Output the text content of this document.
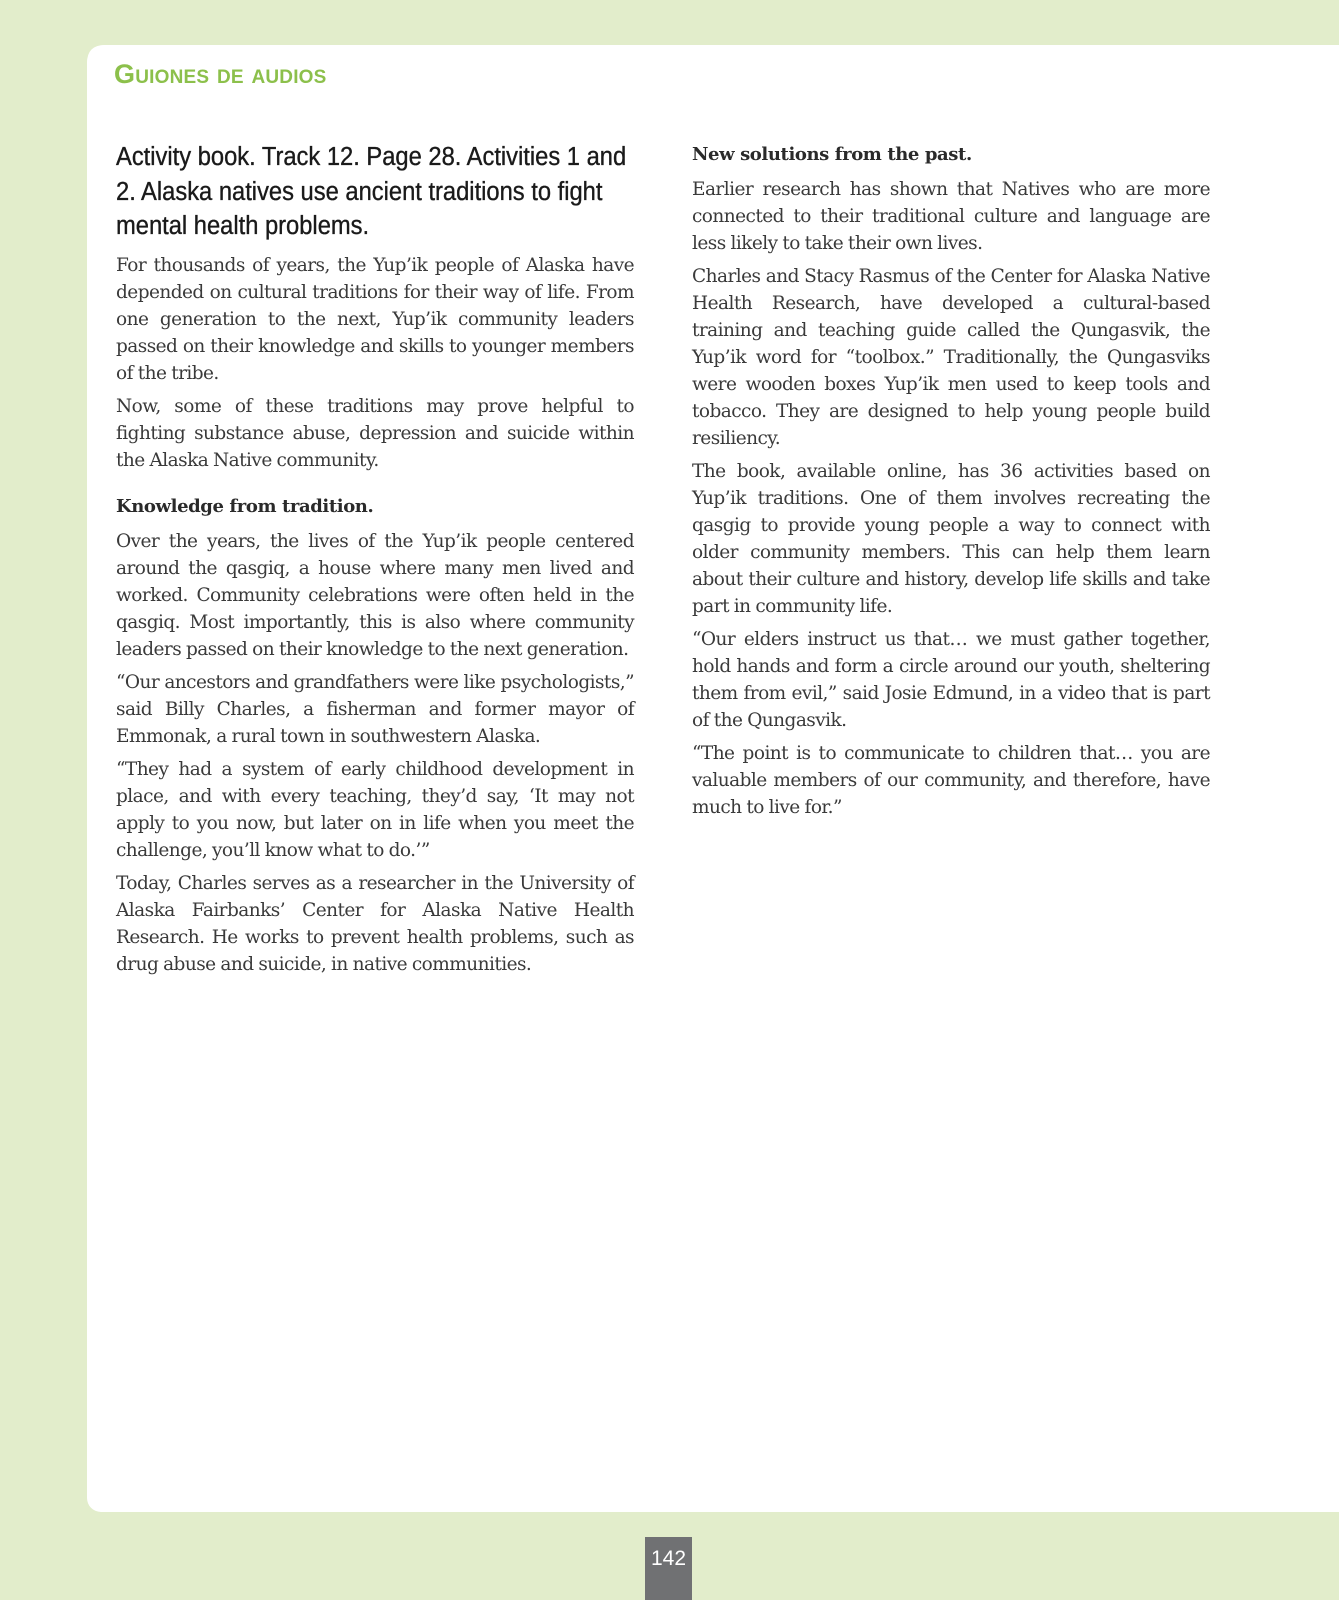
Guiones de audios
Activity book. Track 12. Page 28. Activities 1 and 2. Alaska natives use ancient traditions to fight mental health problems.

For thousands of years, the Yup’ik people of Alaska have depended on cultural traditions for their way of life. From one generation to the next, Yup’ik community leaders passed on their knowledge and skills to younger members of the tribe.

Now, some of these traditions may prove helpful to fighting substance abuse, depression and suicide within the Alaska Native community.

Knowledge from tradition.

Over the years, the lives of the Yup’ik people centered around the qasgiq, a house where many men lived and worked. Community celebrations were often held in the qasgiq. Most importantly, this is also where community leaders passed on their knowledge to the next generation.

“Our ancestors and grandfathers were like psychologists,” said Billy Charles, a fisherman and former mayor of Emmonak, a rural town in southwestern Alaska.

“They had a system of early childhood development in place, and with every teaching, they’d say, ‘It may not apply to you now, but later on in life when you meet the challenge, you’ll know what to do.’”

Today, Charles serves as a researcher in the University of Alaska Fairbanks’ Center for Alaska Native Health Research. He works to prevent health problems, such as drug abuse and suicide, in native communities.

New solutions from the past.

Earlier research has shown that Natives who are more connected to their traditional culture and language are less likely to take their own lives.

Charles and Stacy Rasmus of the Center for Alaska Native Health Research, have developed a cultural-based training and teaching guide called the Qungasvik, the Yup’ik word for “toolbox.” Traditionally, the Qungasviks were wooden boxes Yup’ik men used to keep tools and tobacco. They are designed to help young people build resiliency.

The book, available online, has 36 activities based on Yup’ik traditions. One of them involves recreating the qasgig to provide young people a way to connect with older community members. This can help them learn about their culture and history, develop life skills and take part in community life.

“Our elders instruct us that… we must gather together, hold hands and form a circle around our youth, sheltering them from evil,” said Josie Edmund, in a video that is part of the Qungasvik.

“The point is to communicate to children that… you are valuable members of our community, and therefore, have much to live for.”

142
